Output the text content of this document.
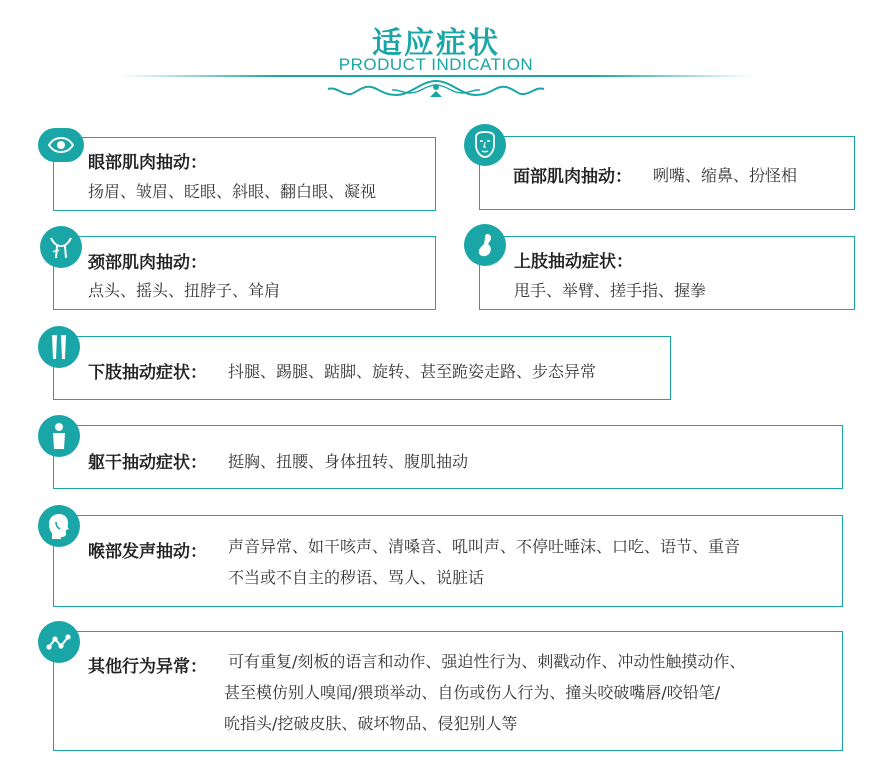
适应症状
PRODUCT INDICATION
眼部肌肉抽动：
扬眉、皱眉、眨眼、斜眼、翻白眼、凝视
面部肌肉抽动： 咧嘴、缩鼻、扮怪相
颈部肌肉抽动：
点头、摇头、扭脖子、耸肩
上肢抽动症状：
甩手、举臂、搓手指、握拳
下肢抽动症状： 抖腿、踢腿、踮脚、旋转、甚至跪姿走路、步态异常
躯干抽动症状： 挺胸、扭腰、身体扭转、腹肌抽动
喉部发声抽动： 声音异常、如干咳声、清嗓音、吼叫声、不停吐唾沫、口吃、语节、重音
不当或不自主的秽语、骂人、说脏话
其他行为异常： 可有重复/刻板的语言和动作、强迫性行为、刺戳动作、冲动性触摸动作、
甚至模仿别人嗅闻/猥琐举动、自伤或伤人行为、撞头咬破嘴唇/咬铅笔/
吮指头/挖破皮肤、破坏物品、侵犯别人等
